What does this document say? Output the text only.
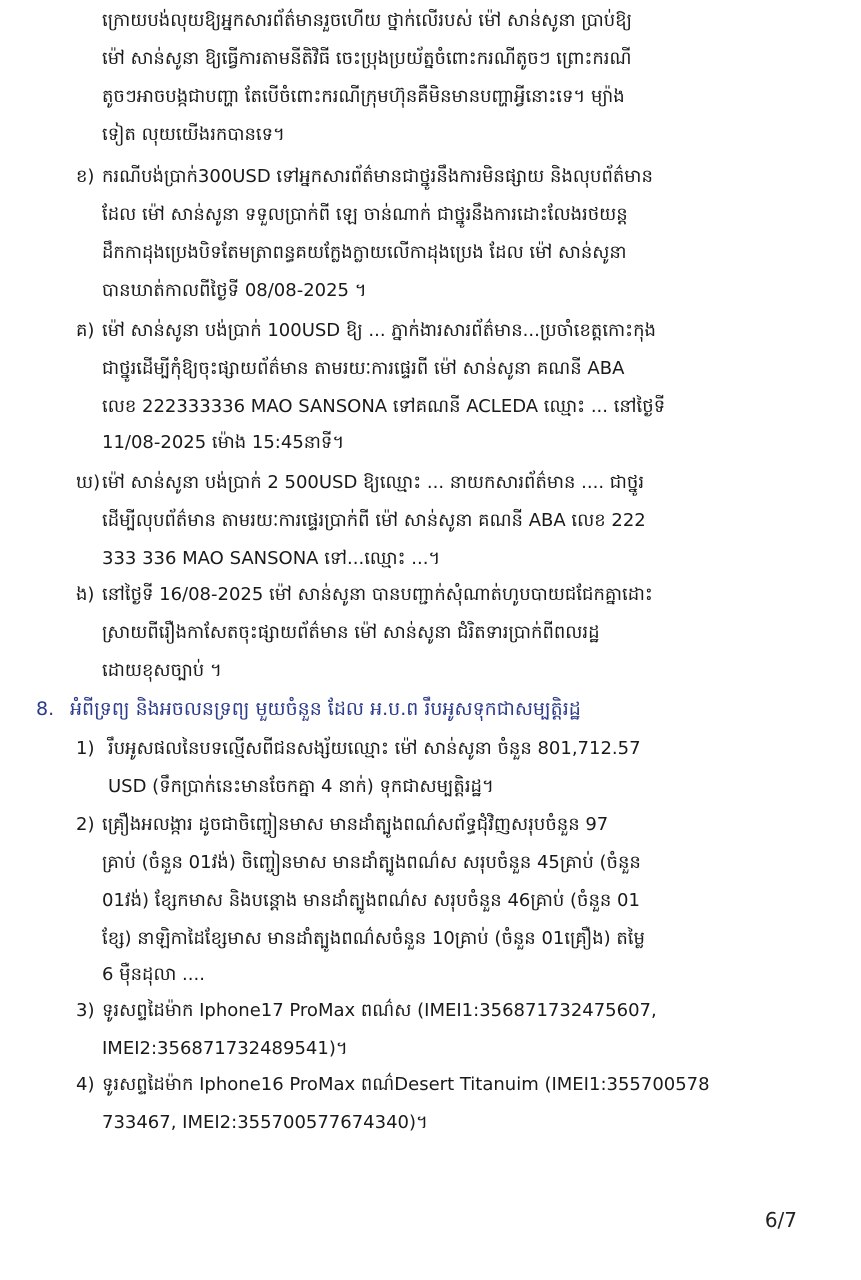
ក្រោយបង់លុយឱ្យអ្នកសារព័ត៌មានរួចហើយ ថ្នាក់លើរបស់ ម៉ៅ សាន់សូនា ប្រាប់ឱ្យ
ម៉ៅ សាន់សូនា ឱ្យធ្វើការតាមនីតិវិធី ចេះប្រុងប្រយ័ត្នចំពោះករណីតូចៗ ព្រោះករណី
តូចៗអាចបង្កជាបញ្ហា តែបើចំពោះករណីក្រុមហ៊ុនគឺមិនមានបញ្ហាអ្វីនោះទេ។ ម្យ៉ាង
ទៀត លុយយើងរកបានទេ។
ខ) ករណីបង់ប្រាក់300USD ទៅអ្នកសារព័ត៌មានជាថ្នូរនឹងការមិនផ្សាយ និងលុបព័ត៌មាន
ដែល ម៉ៅ សាន់សូនា ទទួលប្រាក់ពី ឡេ ចាន់ណាក់ ជាថ្នូរនឹងការដោះលែងរថយន្ត
ដឹកកាដុងប្រេងបិទតែមត្រាពន្ធគយក្លែងក្លាយលើកាដុងប្រេង ដែល ម៉ៅ សាន់សូនា
បានឃាត់កាលពីថ្ងៃទី 08/08-2025 ។
គ) ម៉ៅ សាន់សូនា បង់ប្រាក់ 100USD ឱ្យ ... ភ្នាក់ងារសារព័ត៌មាន...ប្រចាំខេត្តកោះកុង
ជាថ្នូរដើម្បីកុំឱ្យចុះផ្សាយព័ត៌មាន តាមរយៈការផ្ទេរពី ម៉ៅ សាន់សូនា គណនី ABA
លេខ 222333336 MAO SANSONA ទៅគណនី ACLEDA ឈ្មោះ ... នៅថ្ងៃទី
11/08-2025 ម៉ោង 15:45នាទី។
ឃ) ម៉ៅ សាន់សូនា បង់ប្រាក់ 2 500USD ឱ្យឈ្មោះ ... នាយកសារព័ត៌មាន .... ជាថ្នូរ
ដើម្បីលុបព័ត៌មាន តាមរយៈការផ្ទេរប្រាក់ពី ម៉ៅ សាន់សូនា គណនី ABA លេខ 222
333 336 MAO SANSONA ទៅ...ឈ្មោះ ...។
ង) នៅថ្ងៃទី 16/08-2025 ម៉ៅ សាន់សូនា បានបញ្ជាក់សុំណាត់ហូបបាយជជែកគ្នាដោះ
ស្រាយពីរឿងកាសែតចុះផ្សាយព័ត៌មាន ម៉ៅ សាន់សូនា ជំរិតទារប្រាក់ពីពលរដ្ឋ
ដោយខុសច្បាប់ ។
8. អំពីទ្រព្យ និងអចលនទ្រព្យ មួយចំនួន ដែល អ.ប.ព រឹបអូសទុកជាសម្បត្តិរដ្ឋ
1) រឹបអូសផលនៃបទល្មើសពីជនសង្ស័យឈ្មោះ ម៉ៅ សាន់សូនា ចំនួន 801,712.57
USD (ទឹកប្រាក់់នេះមានចែកគ្នា 4 នាក់) ទុកជាសម្បត្តិរដ្ឋ។
2) គ្រឿងអលង្ការ ដូចជាចិញ្ចៀនមាស មានដាំត្បូងពណ៌សព័ទ្ធជុំវិញសរុបចំនួន 97
គ្រាប់ (ចំនួន 01វង់) ចិញ្ចៀនមាស មានដាំត្បូងពណ៌ស សរុបចំនួន 45គ្រាប់ (ចំនួន
01វង់) ខ្សែកមាស និងបន្តោង មានដាំត្បូងពណ៌ស សរុបចំនួន 46គ្រាប់ (ចំនួន 01
ខ្សែ) នាឡិកាដៃខ្សែមាស មានដាំត្បូងពណ៌សចំនួន 10គ្រាប់ (ចំនួន 01គ្រឿង) តម្លៃ
6 ម៉ឺនដុលា ....
3) ទូរសព្ទដៃម៉ាក Iphone17 ProMax ពណ៌ស (IMEI1:356871732475607,
IMEI2:356871732489541)។
4) ទូរសព្ទដៃម៉ាក Iphone16 ProMax ពណ៌Desert Titanuim (IMEI1:355700578
733467, IMEI2:355700577674340)។
6/7
